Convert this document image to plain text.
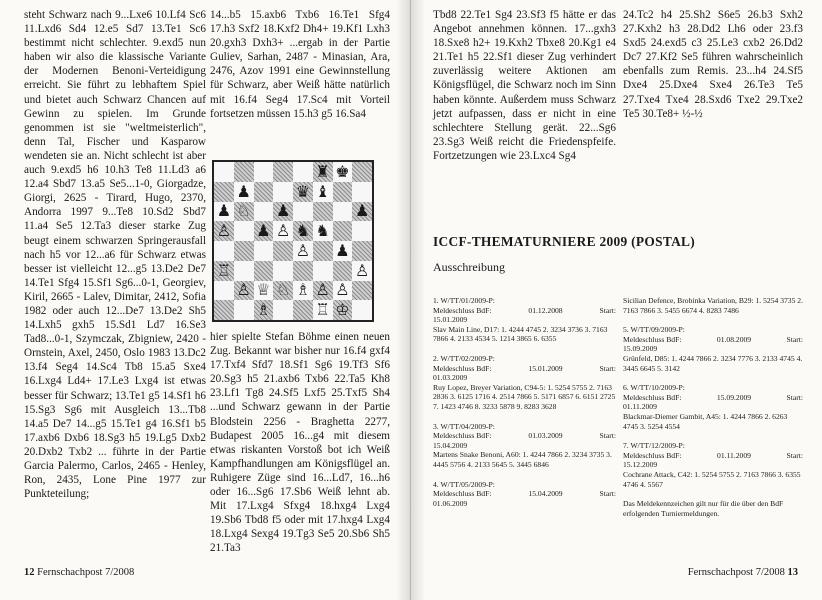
steht Schwarz nach 9...Lxe6 10.Lf4 Sc6 11.Lxd6 Sd4 12.e5 Sd7 13.Te1 Sc6 bestimmt nicht schlechter. 9.exd5 nun haben wir also die klassische Variante der Modernen Benoni-Verteidigung erreicht. Sie führt zu lebhaftem Spiel und bietet auch Schwarz Chancen auf Gewinn zu spielen. Im Grunde genommen ist sie "weltmeisterlich", denn Tal, Fischer und Kasparow wendeten sie an. Nicht schlecht ist aber auch 9.exd5 h6 10.h3 Te8 11.Ld3 a6 12.a4 Sbd7 13.a5 Se5...1-0, Giorgadze, Giorgi, 2625 - Tirard, Hugo, 2370, Andorra 1997 9...Te8 10.Sd2 Sbd7 11.a4 Se5 12.Ta3 dieser starke Zug beugt einem schwarzen Springerausfall nach h5 vor 12...a6 für Schwarz etwas besser ist vielleicht 12...g5 13.De2 De7 14.Te1 Sfg4 15.Sf1 Sg6...0-1, Georgiev, Kiril, 2665 - Lalev, Dimitar, 2412, Sofia 1982 oder auch 12...De7 13.De2 Sh5 14.Lxh5 gxh5 15.Sd1 Ld7 16.Se3 Tad8...0-1, Szymczak, Zbigniew, 2420 - Ornstein, Axel, 2450, Oslo 1983 13.Dc2 13.f4 Seg4 14.Sc4 Tb8 15.a5 Sxe4 16.Lxg4 Ld4+ 17.Le3 Lxg4 ist etwas besser für Schwarz; 13.Te1 g5 14.Sf1 h6 15.Sg3 Sg6 mit Ausgleich 13...Tb8 14.a5 De7 14...g5 15.Te1 g4 16.Sf1 b5 17.axb6 Dxb6 18.Sg3 h5 19.Lg5 Dxb2 20.Dxb2 Txb2 ... führte in der Partie Garcia Palermo, Carlos, 2465 - Henley, Ron, 2435, Lone Pine 1977 zur Punkteteilung;
14...b5 15.axb6 Txb6 16.Te1 Sfg4 17.h3 Sxf2 18.Kxf2 Dh4+ 19.Kf1 Lxh3 20.gxh3 Dxh3+ ...ergab in der Partie Guliev, Sarhan, 2487 - Minasian, Ara, 2476, Azov 1991 eine Gewinnstellung für Schwarz, aber Weiß hätte natürlich mit 16.f4 Seg4 17.Sc4 mit Vorteil fortsetzen müssen 15.h3 g5 16.Sa4
♜ ♚
♟	♛ ♝
♟ ♘ ♟	♟
♙ ♟ ♙ ♞ ♞
♙ ♟
♖	♙
♙ ♕ ♘ ♗ ♙ ♙
♗	♖ ♔
hier spielte Stefan Böhme einen neuen Zug. Bekannt war bisher nur 16.f4 gxf4 17.Txf4 Sfd7 18.Sf1 Sg6 19.Tf3 Sf6 20.Sg3 h5 21.axb6 Txb6 22.Ta5 Kh8 23.Lf1 Tg8 24.Sf5 Lxf5 25.Txf5 Sh4 ...und Schwarz gewann in der Partie Blodstein 2256 - Braghetta 2277, Budapest 2005 16...g4 mit diesem etwas riskanten Vorstoß bot ich Weiß Kampfhandlungen am Königsflügel an. Ruhigere Züge sind 16...Ld7, 16...h6 oder 16...Sg6 17.Sb6 Weiß lehnt ab. Mit 17.Lxg4 Sfxg4 18.hxg4 Lxg4 19.Sb6 Tbd8 f5 oder mit 17.hxg4 Lxg4 18.Lxg4 Sexg4 19.Tg3 Se5 20.Sb6 Sh5 21.Ta3
12 Fernschachpost 7/2008
Tbd8 22.Te1 Sg4 23.Sf3 f5 hätte er das Angebot annehmen können. 17...gxh3 18.Sxe8 h2+ 19.Kxh2 Tbxe8 20.Kg1 e4 21.Te1 h5 22.Sf1 dieser Zug verhindert zuverlässig weitere Aktionen am Königsflügel, die Schwarz noch im Sinn haben könnte. Außerdem muss Schwarz jetzt aufpassen, dass er nicht in eine schlechtere Stellung gerät. 22...Sg6 23.Sg3 Weiß reicht die Friedenspfeife. Fortzetzungen wie 23.Lxc4 Sg4
24.Tc2 h4 25.Sh2 S6e5 26.b3 Sxh2 27.Kxh2 h3 28.Dd2 Lh6 oder 23.f3 Sxd5 24.exd5 c3 25.Le3 cxb2 26.Dd2 Dc7 27.Kf2 Se5 führen wahrscheinlich ebenfalls zum Remis. 23...h4 24.Sf5 Dxe4 25.Dxe4 Sxe4 26.Te3 Te5 27.Txe4 Txe4 28.Sxd6 Txe2 29.Txe2 Te5 30.Te8+ ½-½
ICCF-THEMATURNIERE 2009 (POSTAL)
Ausschreibung
1. W/TT/01/2009-P:
Meldeschluss BdF:	01.12.2008	Start:
15.01.2009
Slav Main Line, D17: 1. 4244 4745 2. 3234 3736 3. 7163 7866 4. 2133 4534 5. 1214 3865 6. 6355
2. W/TT/02/2009-P:
Meldeschluss BdF:	15.01.2009	Start:
01.03.2009
Ruy Lopez, Breyer Variation, C94-5: 1. 5254 5755 2. 7163 2836 3. 6125 1716 4. 2514 7866 5. 5171 6857 6. 6151 2725 7. 1423 4746 8. 3233 5878 9. 8283 3628
3. W/TT/04/2009-P:
Meldeschluss BdF:	01.03.2009	Start:
15.04.2009
Martens Snake Benoni, A60: 1. 4244 7866 2. 3234 3735 3. 4445 5756 4. 2133 5645 5. 3445 6846
4. W/TT/05/2009-P:
Meldeschluss BdF:	15.04.2009	Start:
01.06.2009
Sicilian Defence, Brobinka Variation, B29: 1. 5254 3735 2. 7163 7866 3. 5455 6674 4. 8283 7486
5. W/TT/09/2009-P:
Meldeschluss BdF:	01.08.2009	Start:
15.09.2009
Grünfeld, D85: 1. 4244 7866 2. 3234 7776 3. 2133 4745 4. 3445 6645 5. 3142
6. W/TT/10/2009-P:
Meldeschluss BdF:	15.09.2009	Start:
01.11.2009
Blackmar-Diemer Gambit, A45: 1. 4244 7866 2. 6263 4745 3. 5254 4554
7. W/TT/12/2009-P:
Meldeschluss BdF:	01.11.2009	Start:
15.12.2009
Cochrane Attack, C42: 1. 5254 5755 2. 7163 7866 3. 6355 4746 4. 5567
Das Meldekennzeichen gilt nur für die über den BdF erfolgenden Turniermeldungen.
Fernschachpost 7/2008 13
